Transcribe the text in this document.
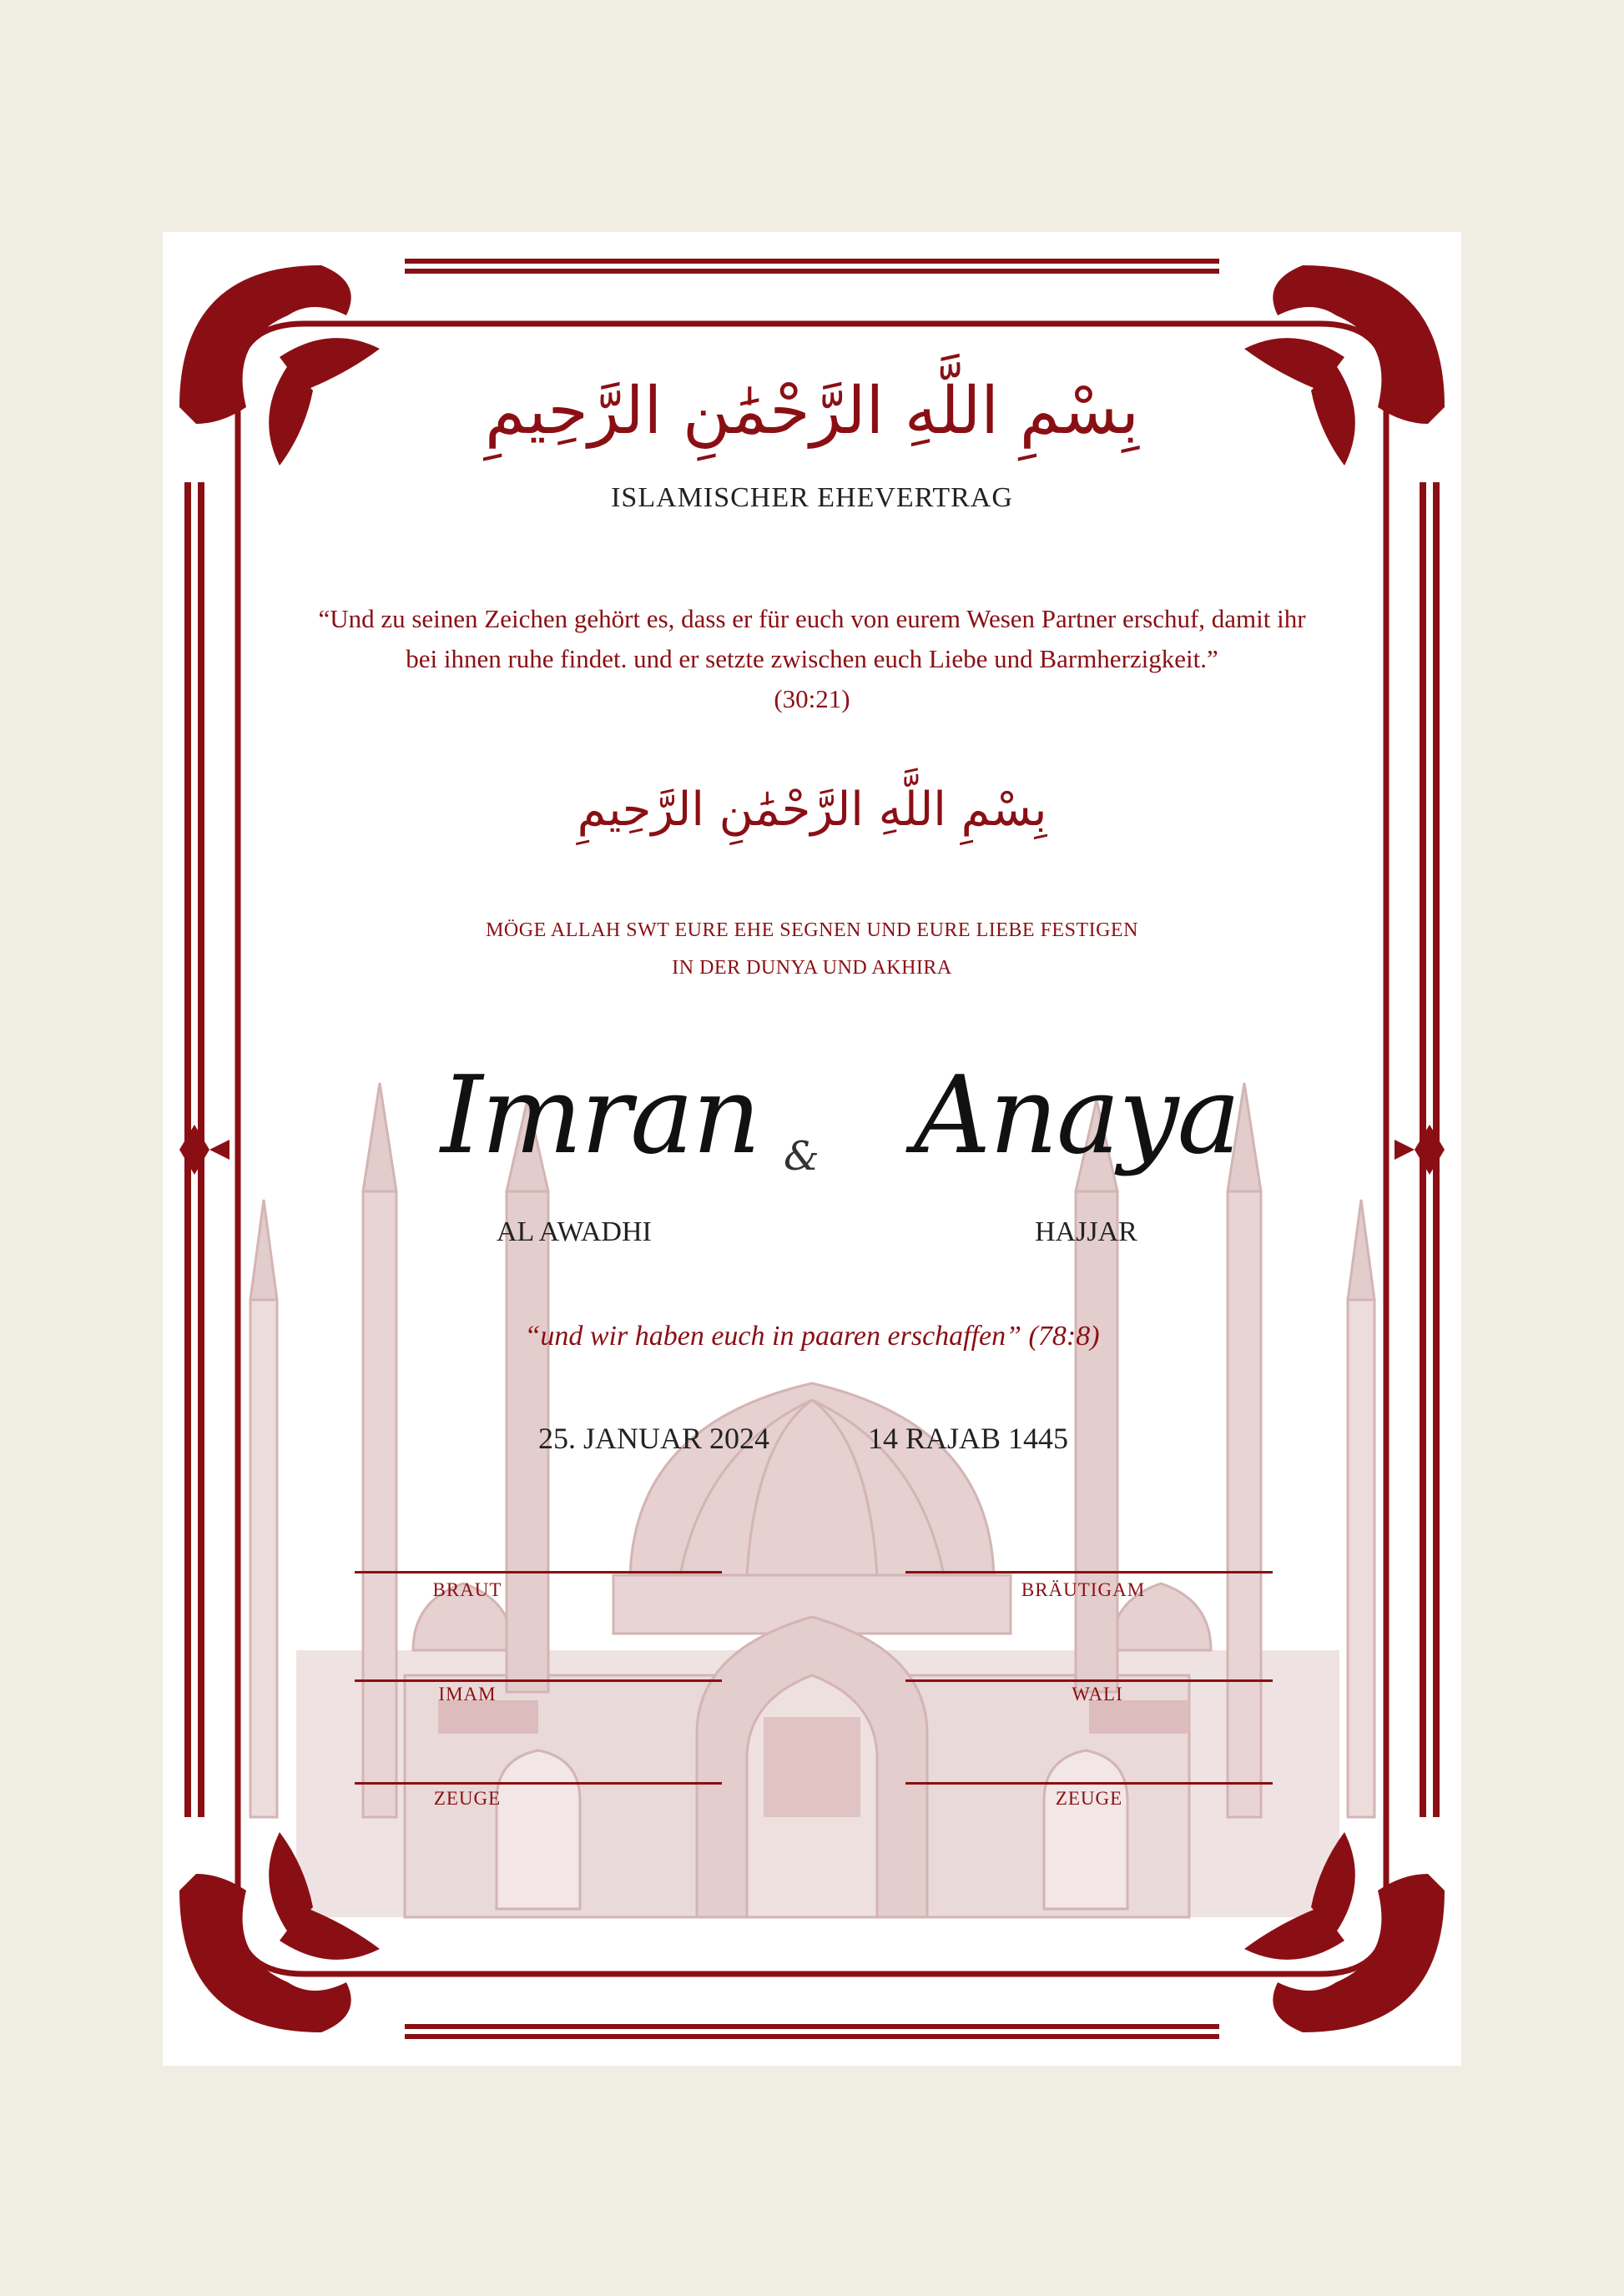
بِسْمِ اللَّهِ الرَّحْمَٰنِ الرَّحِيمِ
ISLAMISCHER EHEVERTRAG
“Und zu seinen Zeichen gehört es, dass er für euch von eurem Wesen Partner erschuf, damit ihr
bei ihnen ruhe findet. und er setzte zwischen euch Liebe und Barmherzigkeit.”
(30:21)
بِسْمِ اللَّهِ الرَّحْمَٰنِ الرَّحِيمِ
MÖGE ALLAH SWT EURE EHE SEGNEN UND EURE LIEBE FESTIGEN
IN DER DUNYA UND AKHIRA
Imran & Anaya
AL AWADHI	HAJJAR
“und wir haben euch in paaren erschaffen” (78:8)
25. JANUAR 2024	14 RAJAB 1445
BRAUT	BRÄUTIGAM
IMAM	WALI
ZEUGE	ZEUGE
